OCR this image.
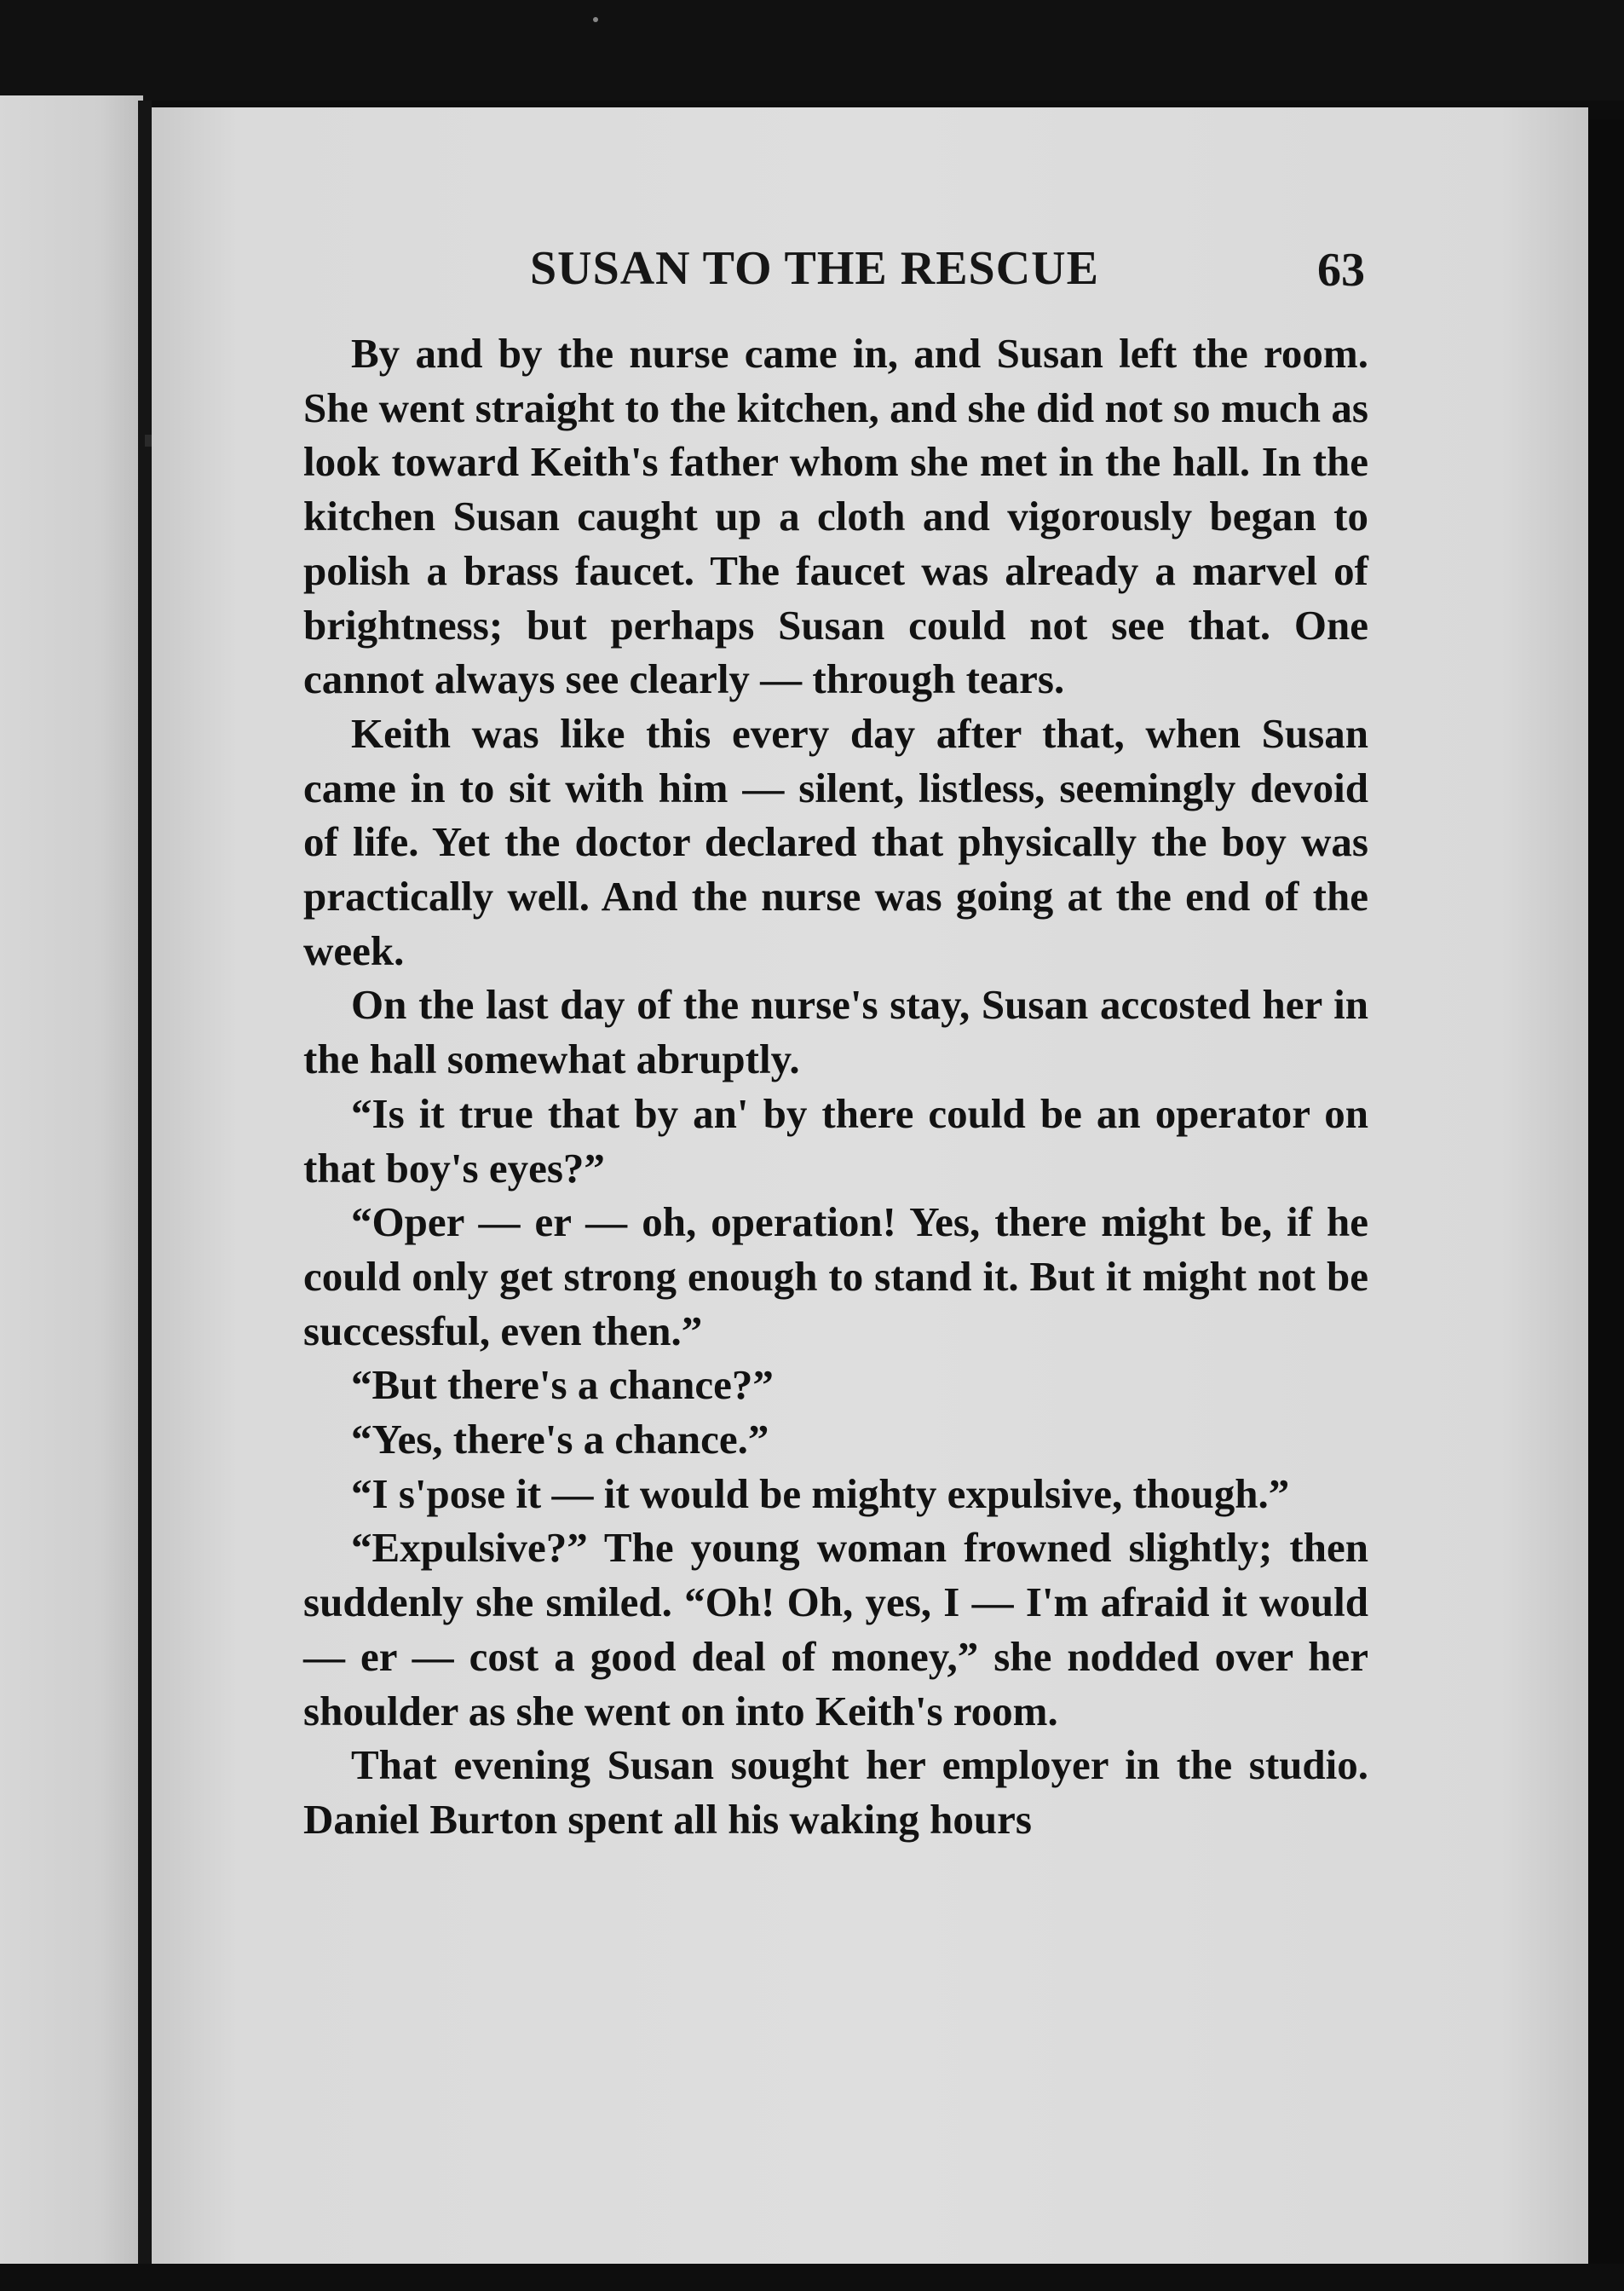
SUSAN TO THE RESCUE	63

By and by the nurse came in, and Susan left the room. She went straight to the kitchen, and she did not so much as look toward Keith's father whom she met in the hall. In the kitchen Susan caught up a cloth and vigorously began to polish a brass faucet. The faucet was already a marvel of brightness; but perhaps Susan could not see that. One cannot always see clearly — through tears.

Keith was like this every day after that, when Susan came in to sit with him — silent, listless, seemingly devoid of life. Yet the doctor declared that physically the boy was practically well. And the nurse was going at the end of the week.

On the last day of the nurse's stay, Susan accosted her in the hall somewhat abruptly.

“Is it true that by an' by there could be an operator on that boy's eyes?”

“Oper — er — oh, operation! Yes, there might be, if he could only get strong enough to stand it. But it might not be successful, even then.”

“But there's a chance?”

“Yes, there's a chance.”

“I s'pose it — it would be mighty expulsive, though.”

“Expulsive?” The young woman frowned slightly; then suddenly she smiled. “Oh! Oh, yes, I — I'm afraid it would — er — cost a good deal of money,” she nodded over her shoulder as she went on into Keith's room.

That evening Susan sought her employer in the studio. Daniel Burton spent all his waking hours
